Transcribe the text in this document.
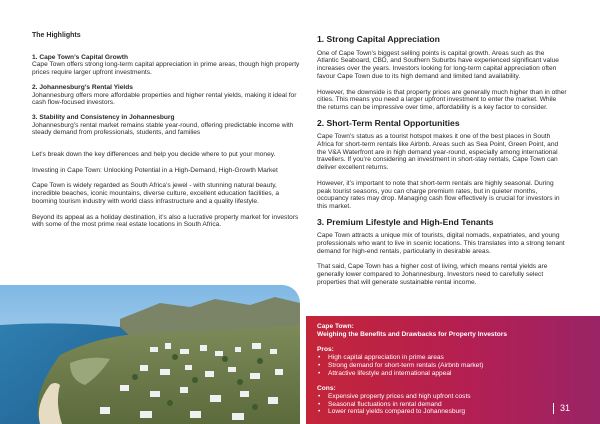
The Highlights

1. Cape Town’s Capital Growth
Cape Town offers strong long-term capital appreciation in prime areas, though high property prices require larger upfront investments.
2. Johannesburg’s Rental Yields
Johannesburg offers more affordable properties and higher rental yields, making it ideal for cash flow-focused investors.
3. Stability and Consistency in Johannesburg
Johannesburg’s rental market remains stable year-round, offering predictable income with steady demand from professionals, students, and families

Let’s break down the key differences and help you decide where to put your money.

Investing in Cape Town: Unlocking Potential in a High-Demand, High-Growth Market

Cape Town is widely regarded as South Africa’s jewel - with stunning natural beauty, incredible beaches, iconic mountains, diverse culture, excellent education facilities, a booming tourism industry with world class infrastructure and a quality lifestyle.

Beyond its appeal as a holiday destination, it’s also a lucrative property market for investors with some of the most prime real estate locations in South Africa.

1. Strong Capital Appreciation

One of Cape Town’s biggest selling points is capital growth. Areas such as the Atlantic Seaboard, CBD, and Southern Suburbs have experienced significant value increases over the years. Investors looking for long-term capital appreciation often favour Cape Town due to its high demand and limited land availability.

However, the downside is that property prices are generally much higher than in other cities. This means you need a larger upfront investment to enter the market. While the returns can be impressive over time, affordability is a key factor to consider.

2. Short-Term Rental Opportunities

Cape Town’s status as a tourist hotspot makes it one of the best places in South Africa for short-term rentals like Airbnb. Areas such as Sea Point, Green Point, and the V&A Waterfront are in high demand year-round, especially among international travellers. If you’re considering an investment in short-stay rentals, Cape Town can deliver excellent returns.

However, it’s important to note that short-term rentals are highly seasonal. During peak tourist seasons, you can charge premium rates, but in quieter months, occupancy rates may drop. Managing cash flow effectively is crucial for investors in this market.

3. Premium Lifestyle and High-End Tenants

Cape Town attracts a unique mix of tourists, digital nomads, expatriates, and young professionals who want to live in scenic locations. This translates into a strong tenant demand for high-end rentals, particularly in desirable areas.

That said, Cape Town has a higher cost of living, which means rental yields are generally lower compared to Johannesburg. Investors need to carefully select properties that will generate sustainable rental income.

Cape Town:
Weighing the Benefits and Drawbacks for Property Investors
Pros:
• High capital appreciation in prime areas
• Strong demand for short-term rentals (Airbnb market)
• Attractive lifestyle and international appeal
Cons:
• Expensive property prices and high upfront costs
• Seasonal fluctuations in rental demand
• Lower rental yields compared to Johannesburg	31
